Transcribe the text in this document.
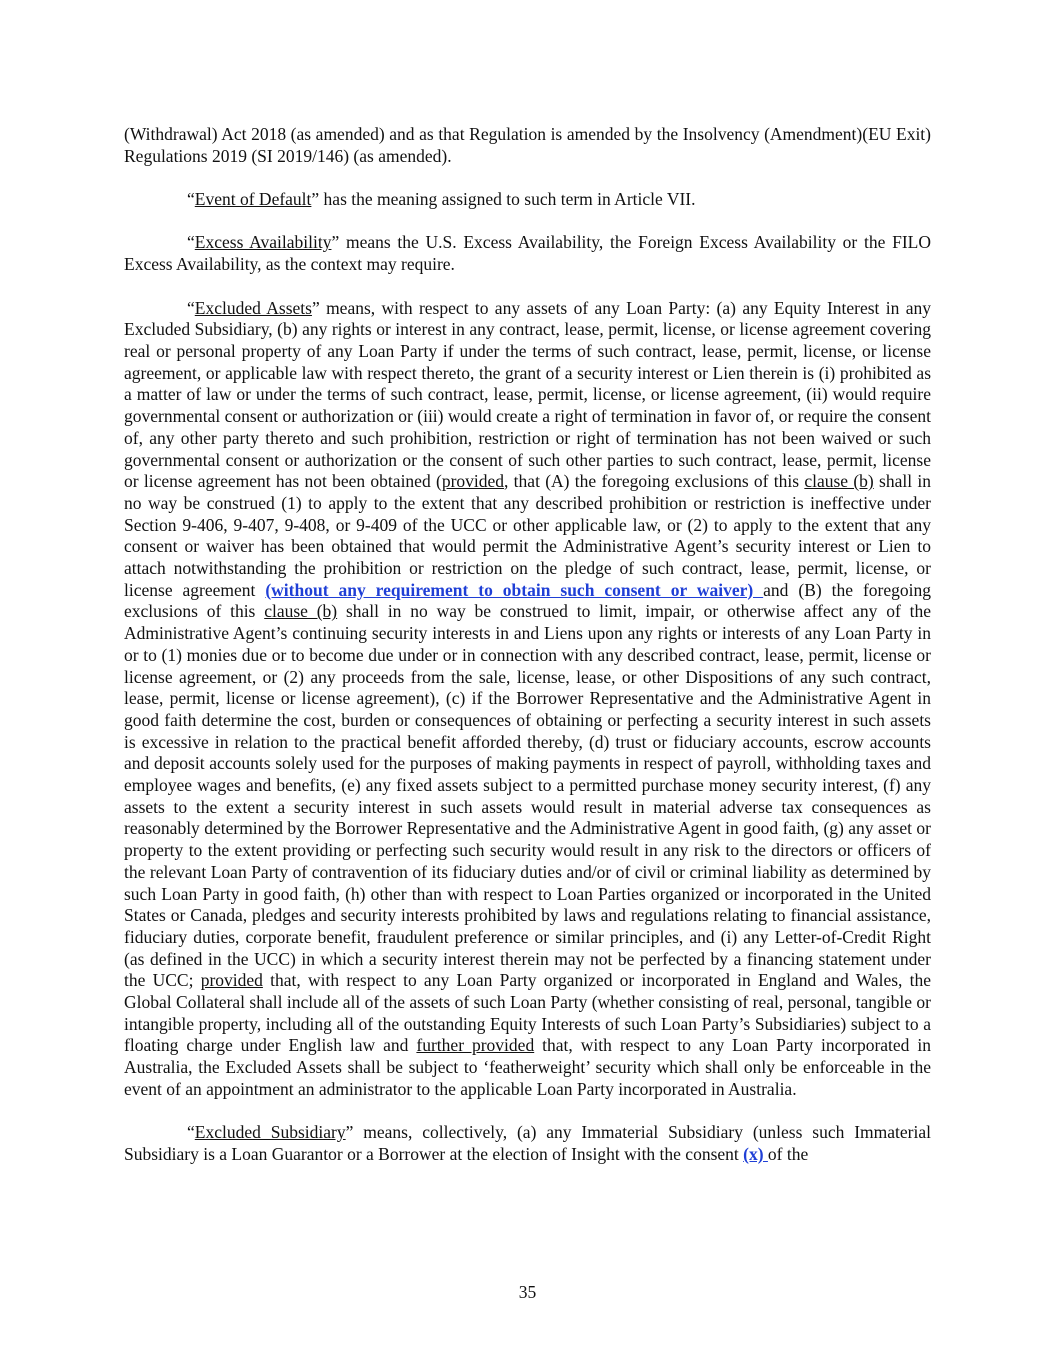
(Withdrawal) Act 2018 (as amended) and as that Regulation is amended by the Insolvency (Amendment)(EU Exit) Regulations 2019 (SI 2019/146) (as amended).

“Event of Default” has the meaning assigned to such term in Article VII.

“Excess Availability” means the U.S. Excess Availability, the Foreign Excess Availability or the FILO Excess Availability, as the context may require.

“Excluded Assets” means, with respect to any assets of any Loan Party: (a) any Equity Interest in any Excluded Subsidiary, (b) any rights or interest in any contract, lease, permit, license, or license agreement covering real or personal property of any Loan Party if under the terms of such contract, lease, permit, license, or license agreement, or applicable law with respect thereto, the grant of a security interest or Lien therein is (i) prohibited as a matter of law or under the terms of such contract, lease, permit, license, or license agreement, (ii) would require governmental consent or authorization or (iii) would create a right of termination in favor of, or require the consent of, any other party thereto and such prohibition, restriction or right of termination has not been waived or such governmental consent or authorization or the consent of such other parties to such contract, lease, permit, license or license agreement has not been obtained (provided, that (A) the foregoing exclusions of this clause (b) shall in no way be construed (1) to apply to the extent that any described prohibition or restriction is ineffective under Section 9-406, 9-407, 9-408, or 9-409 of the UCC or other applicable law, or (2) to apply to the extent that any consent or waiver has been obtained that would permit the Administrative Agent’s security interest or Lien to attach notwithstanding the prohibition or restriction on the pledge of such contract, lease, permit, license, or license agreement (without any requirement to obtain such consent or waiver) and (B) the foregoing exclusions of this clause (b) shall in no way be construed to limit, impair, or otherwise affect any of the Administrative Agent’s continuing security interests in and Liens upon any rights or interests of any Loan Party in or to (1) monies due or to become due under or in connection with any described contract, lease, permit, license or license agreement, or (2) any proceeds from the sale, license, lease, or other Dispositions of any such contract, lease, permit, license or license agreement), (c) if the Borrower Representative and the Administrative Agent in good faith determine the cost, burden or consequences of obtaining or perfecting a security interest in such assets is excessive in relation to the practical benefit afforded thereby, (d) trust or fiduciary accounts, escrow accounts and deposit accounts solely used for the purposes of making payments in respect of payroll, withholding taxes and employee wages and benefits, (e) any fixed assets subject to a permitted purchase money security interest, (f) any assets to the extent a security interest in such assets would result in material adverse tax consequences as reasonably determined by the Borrower Representative and the Administrative Agent in good faith, (g) any asset or property to the extent providing or perfecting such security would result in any risk to the directors or officers of the relevant Loan Party of contravention of its fiduciary duties and/or of civil or criminal liability as determined by such Loan Party in good faith, (h) other than with respect to Loan Parties organized or incorporated in the United States or Canada, pledges and security interests prohibited by laws and regulations relating to financial assistance, fiduciary duties, corporate benefit, fraudulent preference or similar principles, and (i) any Letter-of-Credit Right (as defined in the UCC) in which a security interest therein may not be perfected by a financing statement under the UCC; provided that, with respect to any Loan Party organized or incorporated in England and Wales, the Global Collateral shall include all of the assets of such Loan Party (whether consisting of real, personal, tangible or intangible property, including all of the outstanding Equity Interests of such Loan Party’s Subsidiaries) subject to a floating charge under English law and further provided that, with respect to any Loan Party incorporated in Australia, the Excluded Assets shall be subject to ‘featherweight’ security which shall only be enforceable in the event of an appointment an administrator to the applicable Loan Party incorporated in Australia.

“Excluded Subsidiary” means, collectively, (a) any Immaterial Subsidiary (unless such Immaterial Subsidiary is a Loan Guarantor or a Borrower at the election of Insight with the consent (x) of the

35
